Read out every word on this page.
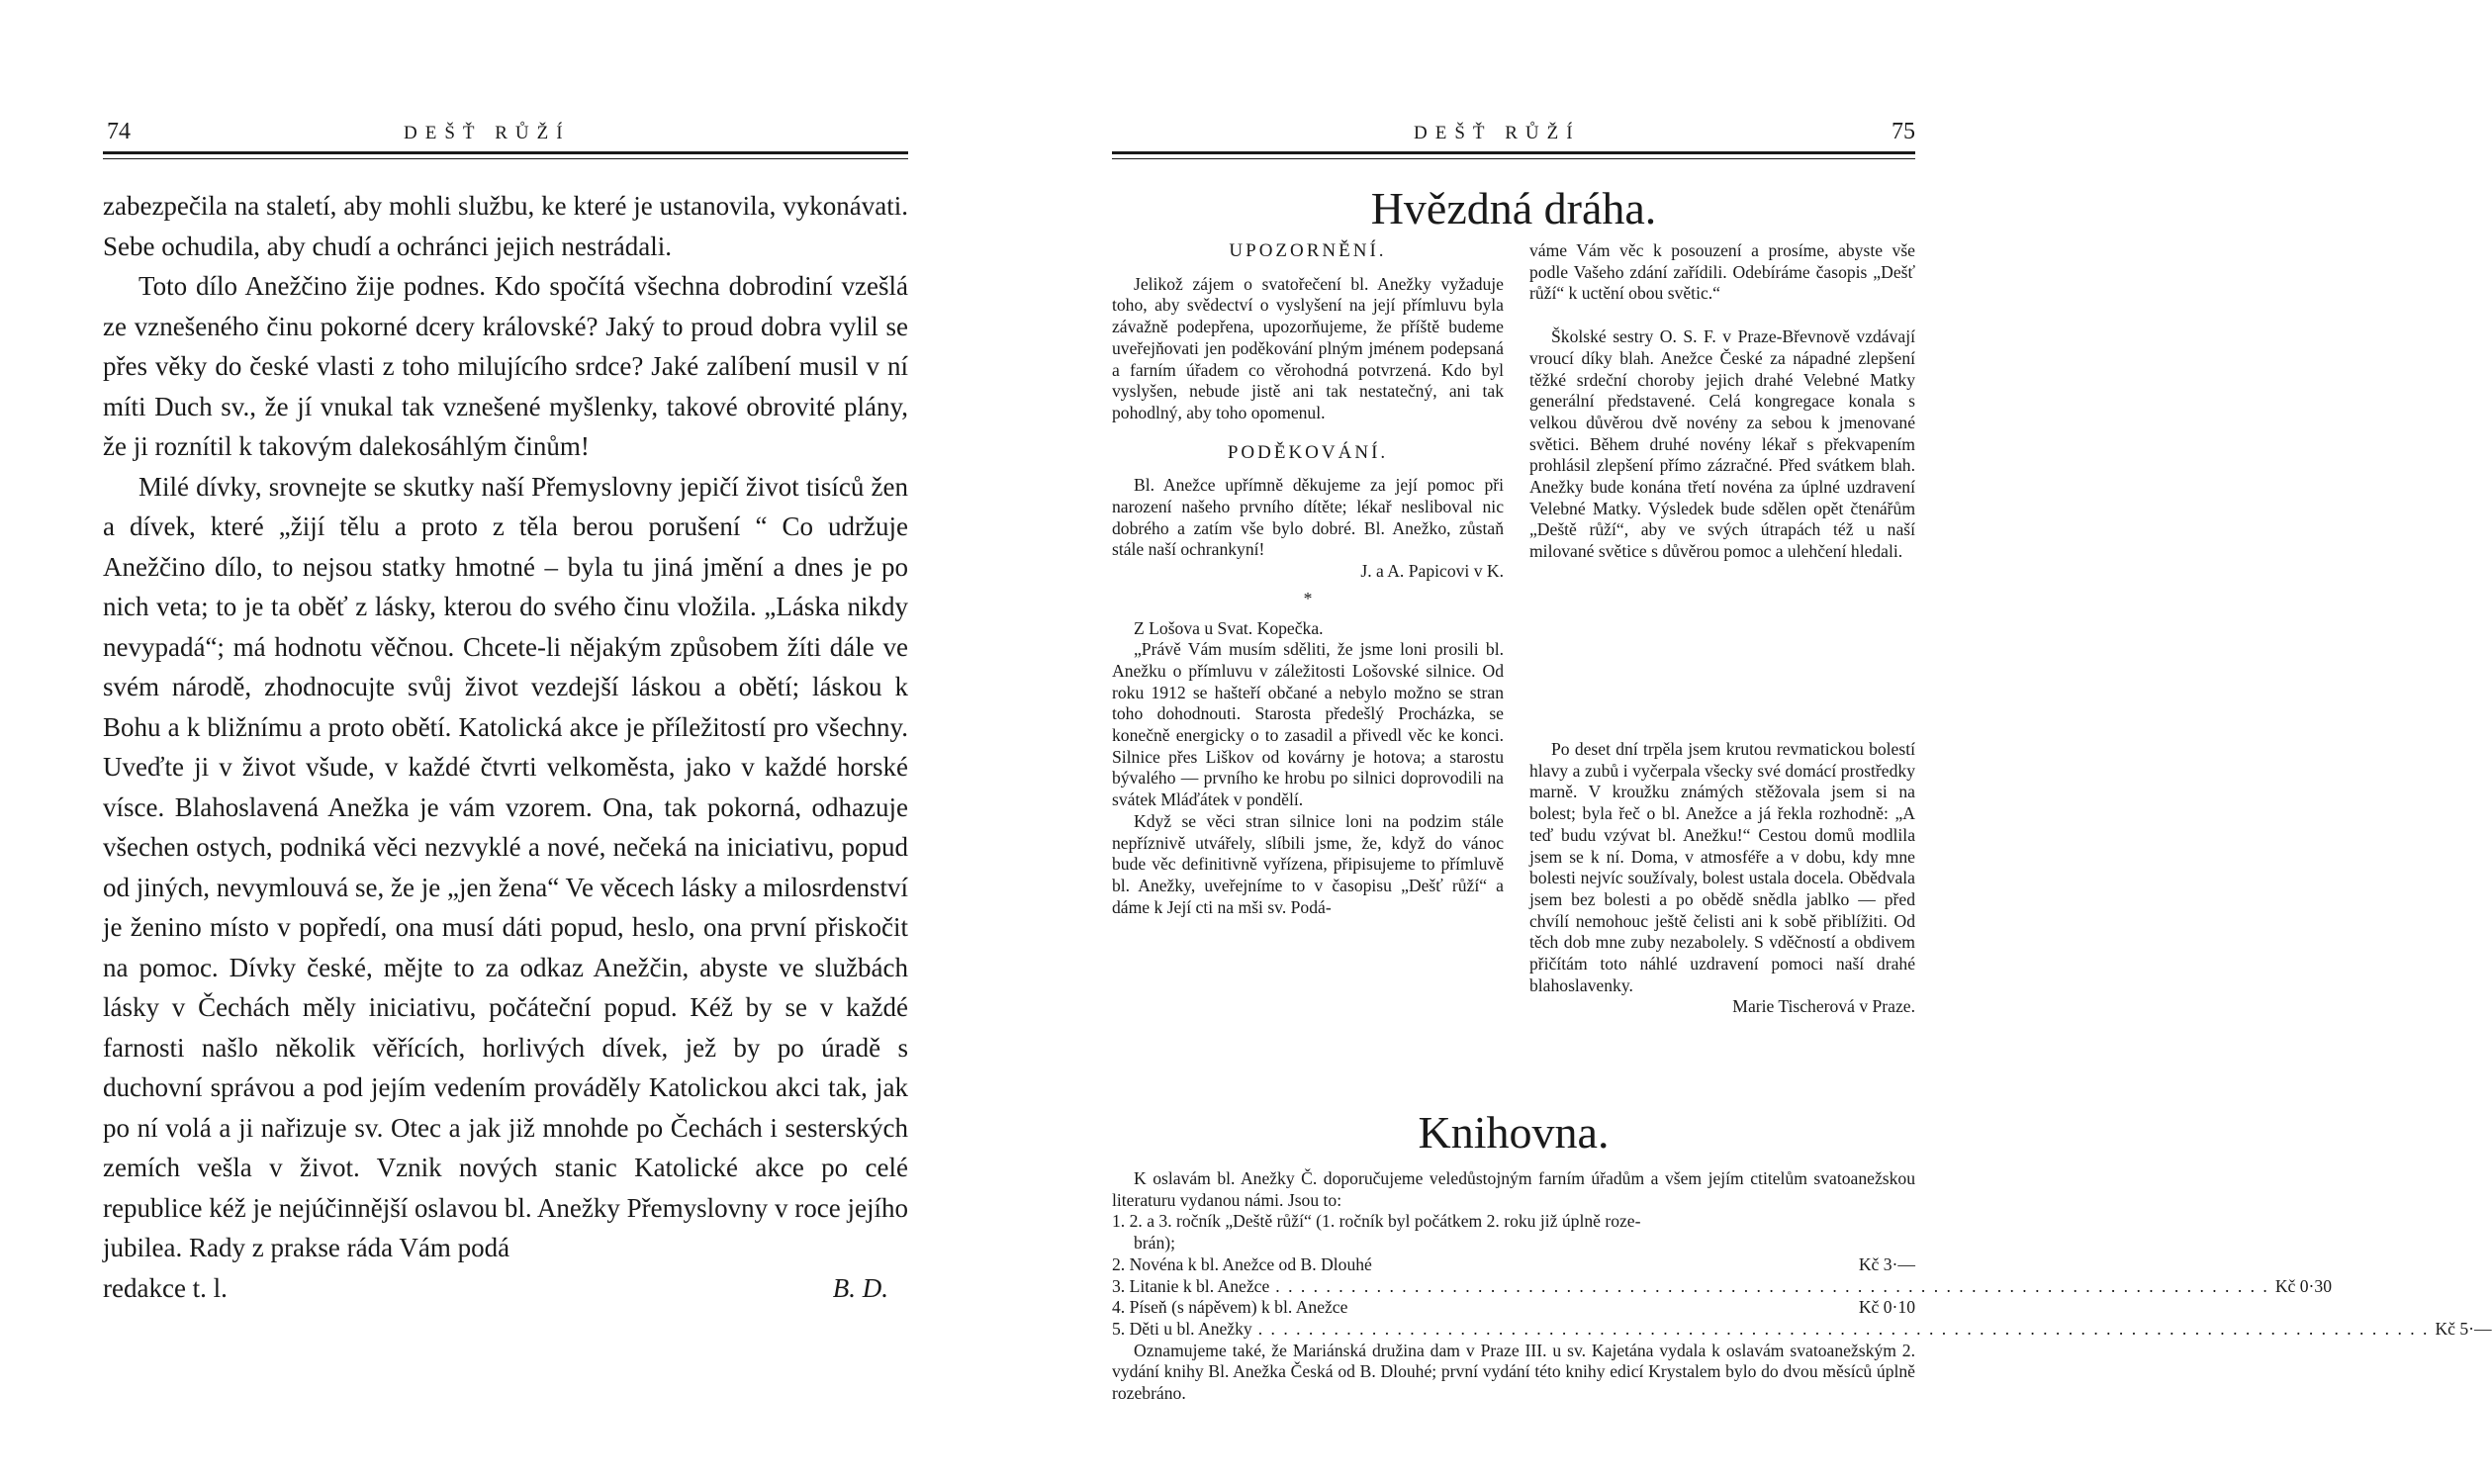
74	DEŠŤ RŮŽÍ

zabezpečila na staletí, aby mohli službu, ke které je ustanovila, vykonávati. Sebe ochudila, aby chudí a ochránci jejich nestrádali.

Toto dílo Anežčino žije podnes. Kdo spočítá všechna dobrodiní vzešlá ze vznešeného činu pokorné dcery královské? Jaký to proud dobra vylil se přes věky do české vlasti z toho milujícího srdce? Jaké zalíbení musil v ní míti Duch sv., že jí vnukal tak vznešené myšlenky, takové obrovité plány, že ji roznítil k takovým dalekosáhlým činům!

Milé dívky, srovnejte se skutky naší Přemyslovny jepičí život tisíců žen a dívek, které „žijí tělu a proto z těla berou porušení “ Co udržuje Anežčino dílo, to nejsou statky hmotné – byla tu jiná jmění a dnes je po nich veta; to je ta oběť z lásky, kterou do svého činu vložila. „Láska nikdy nevypadá“; má hodnotu věčnou. Chcete-li nějakým způsobem žíti dále ve svém národě, zhodnocujte svůj život vezdejší láskou a obětí; láskou k Bohu a k bližnímu a proto obětí. Katolická akce je příležitostí pro všechny. Uveďte ji v život všude, v každé čtvrti velkoměsta, jako v každé horské vísce. Blahoslavená Anežka je vám vzorem. Ona, tak pokorná, odhazuje všechen ostych, podniká věci nezvyklé a nové, nečeká na iniciativu, popud od jiných, nevymlouvá se, že je „jen žena“ Ve věcech lásky a milosrdenství je ženino místo v popředí, ona musí dáti popud, heslo, ona první přiskočit na pomoc. Dívky české, mějte to za odkaz Anežčin, abyste ve službách lásky v Čechách měly iniciativu, počáteční popud. Kéž by se v každé farnosti našlo několik věřících, horlivých dívek, jež by po úradě s duchovní správou a pod jejím vedením prováděly Katolickou akci tak, jak po ní volá a ji nařizuje sv. Otec a jak již mnohde po Čechách i sesterských zemích vešla v život. Vznik nových stanic Katolické akce po celé republice kéž je nejúčinnější oslavou bl. Anežky Přemyslovny v roce jejího jubilea. Rady z prakse ráda Vám podá

redakce t. l.	B. D.
DEŠŤ RŮŽÍ	75
Hvězdná dráha.

UPOZORNĚNÍ.

Jelikož zájem o svatořečení bl. Anežky vyžaduje toho, aby svědectví o vyslyšení na její přímluvu byla závažně podepřena, upozorňujeme, že příště budeme uveřejňovati jen poděkování plným jménem podepsaná a farním úřadem co věrohodná potvrzená. Kdo byl vyslyšen, nebude jistě ani tak nestatečný, ani tak pohodlný, aby toho opomenul.

PODĚKOVÁNÍ.

Bl. Anežce upřímně děkujeme za její pomoc při narození našeho prvního dítěte; lékař nesliboval nic dobrého a zatím vše bylo dobré. Bl. Anežko, zůstaň stále naší ochrankyní!

J. a A. Papicovi v K.

*

Z Lošova u Svat. Kopečka.

„Právě Vám musím sděliti, že jsme loni prosili bl. Anežku o přímluvu v záležitosti Lošovské silnice. Od roku 1912 se hašteří občané a nebylo možno se stran toho dohodnouti. Starosta předešlý Procházka, se konečně energicky o to zasadil a přivedl věc ke konci. Silnice přes Liškov od kovárny je hotova; a starostu bývalého — prvního ke hrobu po silnici doprovodili na svátek Mláďátek v pondělí.

Když se věci stran silnice loni na podzim stále nepříznivě utvářely, slíbili jsme, že, když do vánoc bude věc definitivně vyřízena, připisujeme to přímluvě bl. Anežky, uveřejníme to v časopisu „Dešť růží“ a dáme k Její cti na mši sv. Podá-

váme Vám věc k posouzení a prosíme, abyste vše podle Vašeho zdání zařídili. Odebíráme časopis „Dešť růží“ k uctění obou světic.“

Školské sestry O. S. F. v Praze-Břevnově vzdávají vroucí díky blah. Anežce České za nápadné zlepšení těžké srdeční choroby jejich drahé Velebné Matky generální představené. Celá kongregace konala s velkou důvěrou dvě novény za sebou k jmenované světici. Během druhé novény lékař s překvapením prohlásil zlepšení přímo zázračné. Před svátkem blah. Anežky bude konána třetí novéna za úplné uzdravení Velebné Matky. Výsledek bude sdělen opět čtenářům „Deště růží“, aby ve svých útrapách též u naší milované světice s důvěrou pomoc a ulehčení hledali.

Po deset dní trpěla jsem krutou revmatickou bolestí hlavy a zubů i vyčerpala všecky své domácí prostředky marně. V kroužku známých stěžovala jsem si na bolest; byla řeč o bl. Anežce a já řekla rozhodně: „A teď budu vzývat bl. Anežku!“ Cestou domů modlila jsem se k ní. Doma, v atmosféře a v dobu, kdy mne bolesti nejvíc soužívaly, bolest ustala docela. Obědvala jsem bez bolesti a po obědě snědla jablko — před chvílí nemohouc ještě čelisti ani k sobě přiblížiti. Od těch dob mne zuby nezabolely. S vděčností a obdivem přičítám toto náhlé uzdravení pomoci naší drahé blahoslavenky.

Marie Tischerová v Praze.

Knihovna.

K oslavám bl. Anežky Č. doporučujeme veledůstojným farním úřadům a všem jejím ctitelům svatoanežskou literaturu vydanou námi. Jsou to:

1. 2. a 3. ročník „Deště růží“ (1. ročník byl počátkem 2. roku již úplně roze-

brán);

2. Novéna k bl. Anežce od B. Dlouhé	Kč 3·—
3. Litanie k bl. Anežce . . . . . . . . . . . . . . . . . . . . . . . . . . . . . . . . . . . . . . . . . . . . . . . . . . . . . . . . . . . . . . . . . . . . . . . . . . . . . . . Kč 0·30
4. Píseň (s nápěvem) k bl. Anežce	Kč 0·10
5. Děti u bl. Anežky . . . . . . . . . . . . . . . . . . . . . . . . . . . . . . . . . . . . . . . . . . . . . . . . . . . . . . . . . . . . . . . . . . . . . . . . . . . . . . . . . . . . . . . . . . . . . Kč 5·—

Oznamujeme také, že Mariánská družina dam v Praze III. u sv. Kajetána vydala k oslavám svatoanežským 2. vydání knihy Bl. Anežka Česká od B. Dlouhé; první vydání této knihy edicí Krystalem bylo do dvou měsíců úplně rozebráno.
